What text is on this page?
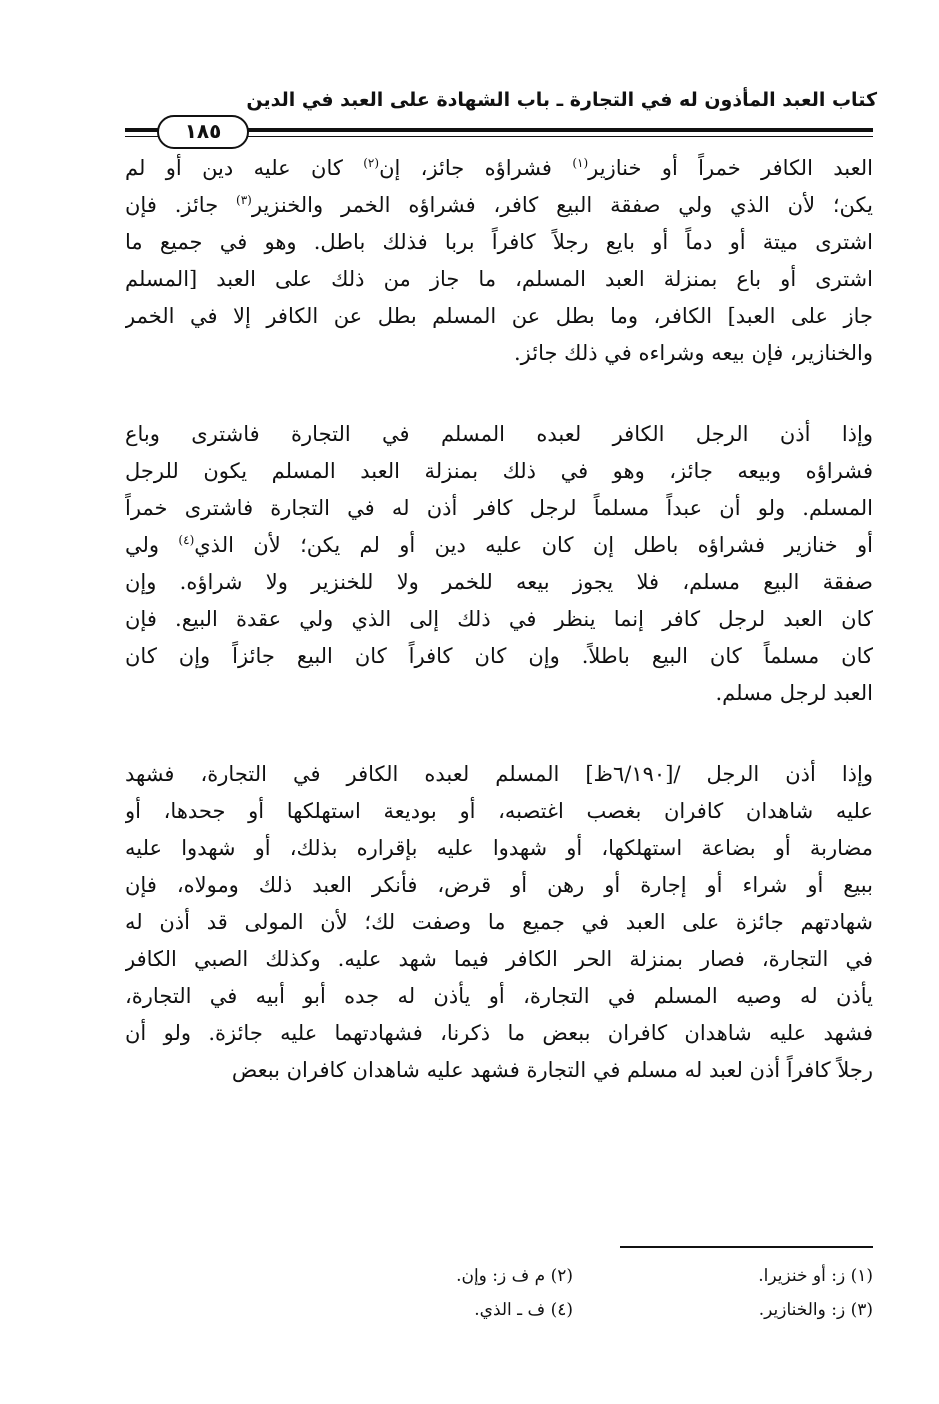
كتاب العبد المأذون له في التجارة ـ باب الشهادة على العبد في الدين
١٨٥
العبد الكافر خمراً أو خنازير$^{(١)}$ فشراؤه جائز، إن$^{(٢)}$ كان عليه دين أو لم
يكن؛ لأن الذي ولي صفقة البيع كافر، فشراؤه الخمر والخنزير$^{(٣)}$ جائز. فإن
اشترى ميتة أو دماً أو بايع رجلاً كافراً بربا فذلك باطل. وهو في جميع ما
اشترى أو باع بمنزلة العبد المسلم، ما جاز من ذلك على العبد [المسلم
جاز على العبد] الكافر، وما بطل عن المسلم بطل عن الكافر إلا في الخمر
والخنازير، فإن بيعه وشراءه في ذلك جائز.
وإذا أذن الرجل الكافر لعبده المسلم في التجارة فاشترى وباع
فشراؤه وبيعه جائز، وهو في ذلك بمنزلة العبد المسلم يكون للرجل
المسلم. ولو أن عبداً مسلماً لرجل كافر أذن له في التجارة فاشترى خمراً
أو خنازير فشراؤه باطل إن كان عليه دين أو لم يكن؛ لأن الذي$^{(٤)}$ ولي
صفقة البيع مسلم، فلا يجوز بيعه للخمر ولا للخنزير ولا شراؤه. وإن
كان العبد لرجل كافر إنما ينظر في ذلك إلى الذي ولي عقدة البيع. فإن
كان مسلماً كان البيع باطلاً. وإن كان كافراً كان البيع جائزاً وإن كان
العبد لرجل مسلم.
وإذا أذن الرجل /[٦/١٩٠ظ] المسلم لعبده الكافر في التجارة، فشهد
عليه شاهدان كافران بغصب اغتصبه، أو بوديعة استهلكها أو جحدها، أو
مضاربة أو بضاعة استهلكها، أو شهدوا عليه بإقراره بذلك، أو شهدوا عليه
ببيع أو شراء أو إجارة أو رهن أو قرض، فأنكر العبد ذلك ومولاه، فإن
شهادتهم جائزة على العبد في جميع ما وصفت لك؛ لأن المولى قد أذن له
في التجارة، فصار بمنزلة الحر الكافر فيما شهد عليه. وكذلك الصبي الكافر
يأذن له وصيه المسلم في التجارة، أو يأذن له جده أبو أبيه في التجارة،
فشهد عليه شاهدان كافران ببعض ما ذكرنا، فشهادتهما عليه جائزة. ولو أن
رجلاً كافراً أذن لعبد له مسلم في التجارة فشهد عليه شاهدان كافران ببعض
(١) ز: أو خنزيرا.
(٢) م ف ز: وإن.
(٣) ز: والخنازير.
(٤) ف ـ الذي.
